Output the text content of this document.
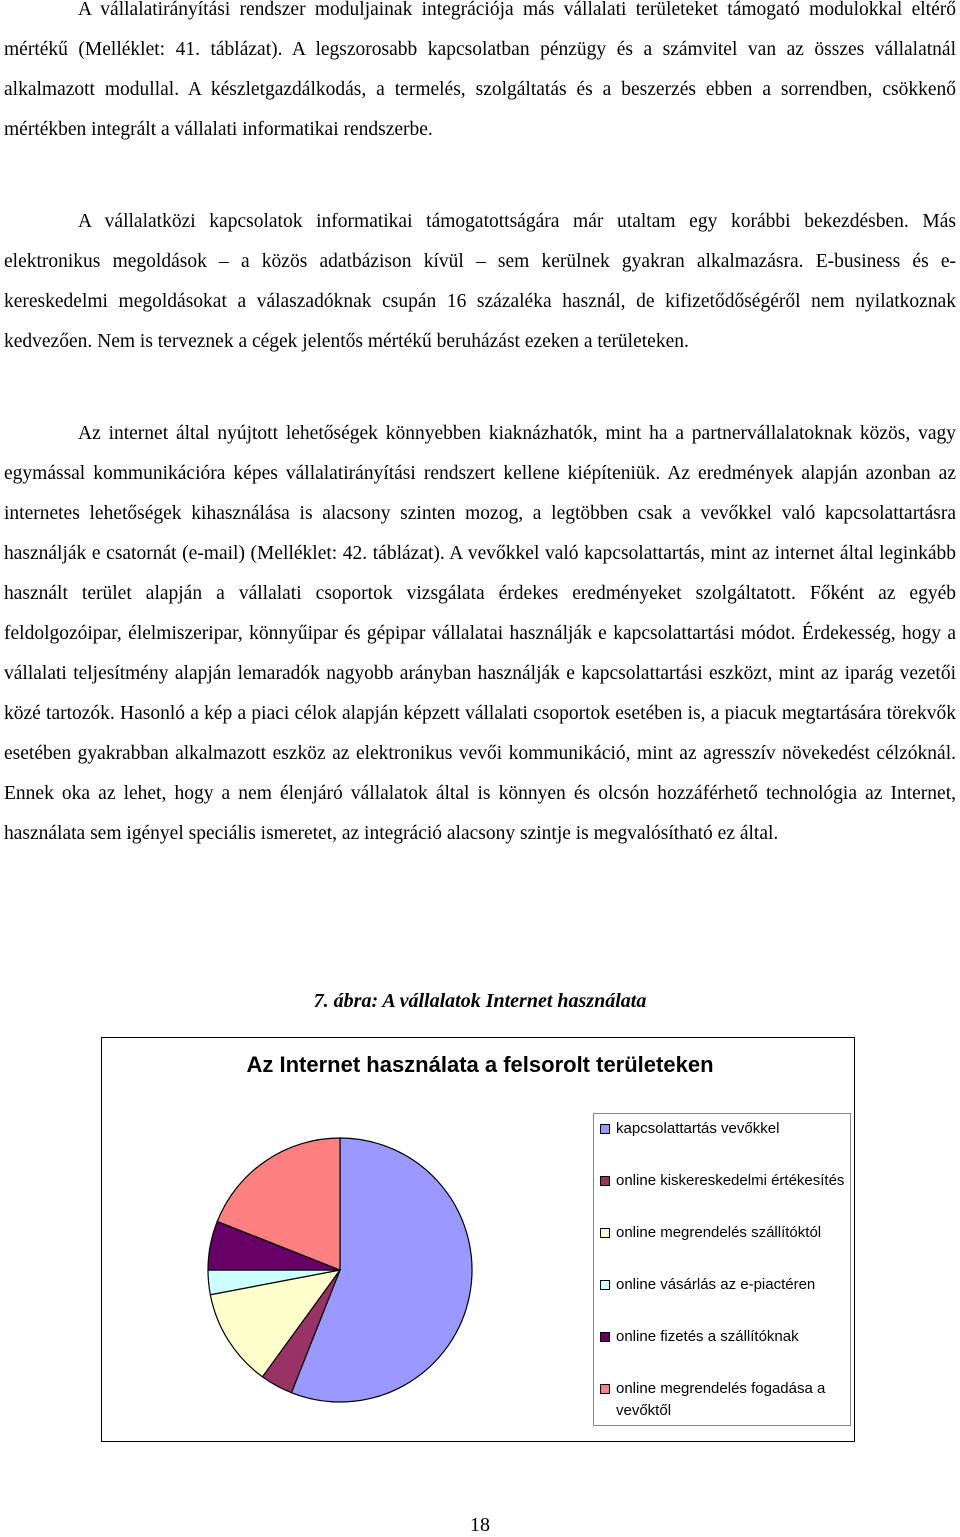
A vállalatirányítási rendszer moduljainak integrációja más vállalati területeket támogató modulokkal eltérő mértékű (Melléklet: 41. táblázat). A legszorosabb kapcsolatban pénzügy és a számvitel van az összes vállalatnál alkalmazott modullal. A készletgazdálkodás, a termelés, szolgáltatás és a beszerzés ebben a sorrendben, csökkenő mértékben integrált a vállalati informatikai rendszerbe.

A vállalatközi kapcsolatok informatikai támogatottságára már utaltam egy korábbi bekezdésben. Más elektronikus megoldások – a közös adatbázison kívül – sem kerülnek gyakran alkalmazásra. E-business és e-kereskedelmi megoldásokat a válaszadóknak csupán 16 százaléka használ, de kifizetődőségéről nem nyilatkoznak kedvezően. Nem is terveznek a cégek jelentős mértékű beruházást ezeken a területeken.

Az internet által nyújtott lehetőségek könnyebben kiaknázhatók, mint ha a partnervállalatoknak közös, vagy egymással kommunikációra képes vállalatirányítási rendszert kellene kiépíteniük. Az eredmények alapján azonban az internetes lehetőségek kihasználása is alacsony szinten mozog, a legtöbben csak a vevőkkel való kapcsolattartásra használják e csatornát (e-mail) (Melléklet: 42. táblázat). A vevőkkel való kapcsolattartás, mint az internet által leginkább használt terület alapján a vállalati csoportok vizsgálata érdekes eredményeket szolgáltatott. Főként az egyéb feldolgozóipar, élelmiszeripar, könnyűipar és gépipar vállalatai használják e kapcsolattartási módot. Érdekesség, hogy a vállalati teljesítmény alapján lemaradók nagyobb arányban használják e kapcsolattartási eszközt, mint az iparág vezetői közé tartozók. Hasonló a kép a piaci célok alapján képzett vállalati csoportok esetében is, a piacuk megtartására törekvők esetében gyakrabban alkalmazott eszköz az elektronikus vevői kommunikáció, mint az agresszív növekedést célzóknál. Ennek oka az lehet, hogy a nem élenjáró vállalatok által is könnyen és olcsón hozzáférhető technológia az Internet, használata sem igényel speciális ismeretet, az integráció alacsony szintje is megvalósítható ez által.

7. ábra: A vállalatok Internet használata
Az Internet használata a felsorolt területeken
kapcsolattartás vevőkkel
online kiskereskedelmi értékesítés
online megrendelés szállítóktól
online vásárlás az e-piactéren
online fizetés a szállítóknak
online megrendelés fogadása a vevőktől
18
